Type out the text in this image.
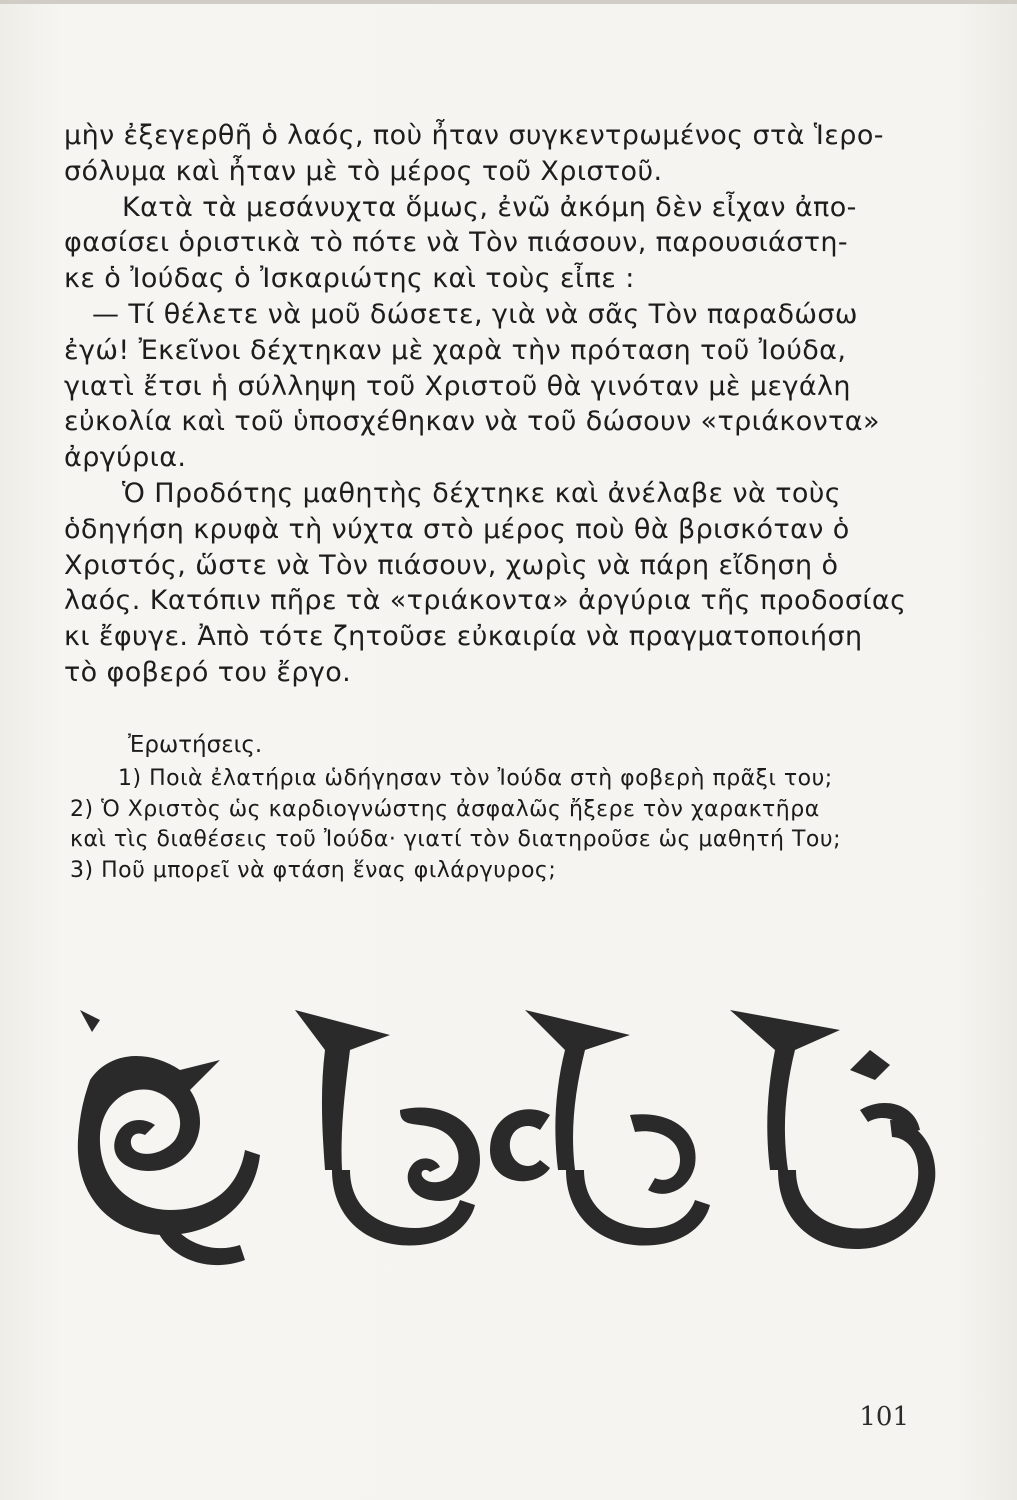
μὴν ἐξεγερθῆ ὁ λαός, ποὺ ἦταν συγκεντρωμένος στὰ Ἱερο-
σόλυμα καὶ ἦταν μὲ τὸ μέρος τοῦ Χριστοῦ.
Κατὰ τὰ μεσάνυχτα ὅμως, ἐνῶ ἀκόμη δὲν εἶχαν ἀπο-
φασίσει ὁριστικὰ τὸ πότε νὰ Τὸν πιάσουν, παρουσιάστη-
κε ὁ Ἰούδας ὁ Ἰσκαριώτης καὶ τοὺς εἶπε :
— Τί θέλετε νὰ μοῦ δώσετε, γιὰ νὰ σᾶς Τὸν παραδώσω
ἐγώ! Ἐκεῖνοι δέχτηκαν μὲ χαρὰ τὴν πρόταση τοῦ Ἰούδα,
γιατὶ ἔτσι ἡ σύλληψη τοῦ Χριστοῦ θὰ γινόταν μὲ μεγάλη
εὐκολία καὶ τοῦ ὑποσχέθηκαν νὰ τοῦ δώσουν «τριάκοντα»
ἀργύρια.
Ὁ Προδότης μαθητὴς δέχτηκε καὶ ἀνέλαβε νὰ τοὺς
ὁδηγήση κρυφὰ τὴ νύχτα στὸ μέρος ποὺ θὰ βρισκόταν ὁ
Χριστός, ὥστε νὰ Τὸν πιάσουν, χωρὶς νὰ πάρη εἴδηση ὁ
λαός. Κατόπιν πῆρε τὰ «τριάκοντα» ἀργύρια τῆς προδοσίας
κι ἔφυγε. Ἀπὸ τότε ζητοῦσε εὐκαιρία νὰ πραγματοποιήση
τὸ φοβερό του ἔργο.
Ἐρωτήσεις.
1) Ποιὰ ἐλατήρια ὡδήγησαν τὸν Ἰούδα στὴ φοβερὴ πρᾶξι του;
2) Ὁ Χριστὸς ὡς καρδιογνώστης ἀσφαλῶς ἤξερε τὸν χαρακτῆρα
καὶ τὶς διαθέσεις τοῦ Ἰούδα· γιατί τὸν διατηροῦσε ὡς μαθητή Του;
3) Ποῦ μπορεῖ νὰ φτάση ἕνας φιλάργυρος;
101
